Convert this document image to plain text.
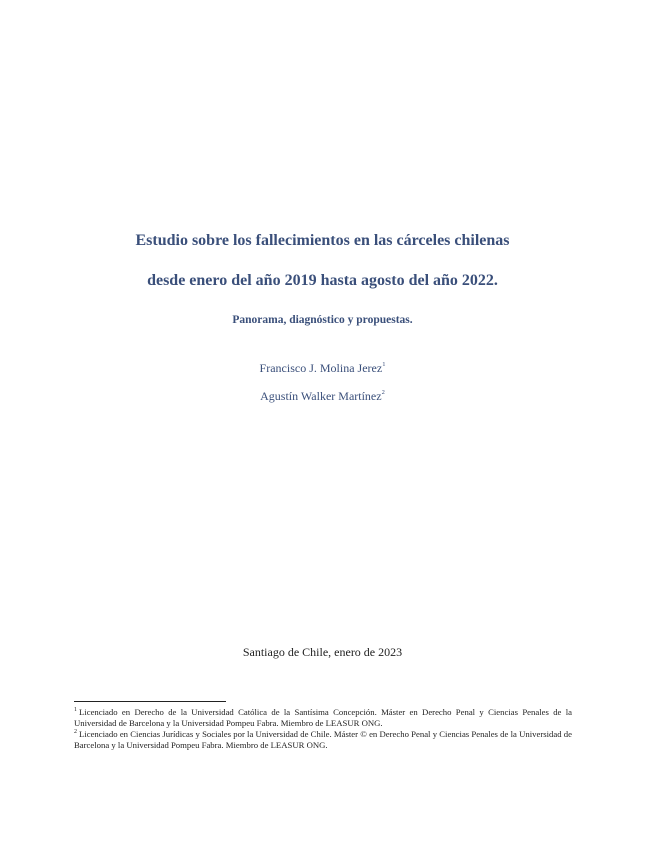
Estudio sobre los fallecimientos en las cárceles chilenas
desde enero del año 2019 hasta agosto del año 2022.
Panorama, diagnóstico y propuestas.
Francisco J. Molina Jerez$^1$
Agustín Walker Martínez$^2$
Santiago de Chile, enero de 2023

$^1$ Licenciado en Derecho de la Universidad Católica de la Santísima Concepción. Máster en Derecho Penal y Ciencias Penales de la Universidad de Barcelona y la Universidad Pompeu Fabra. Miembro de LEASUR ONG.

$^2$ Licenciado en Ciencias Jurídicas y Sociales por la Universidad de Chile. Máster © en Derecho Penal y Ciencias Penales de la Universidad de Barcelona y la Universidad Pompeu Fabra. Miembro de LEASUR ONG.
